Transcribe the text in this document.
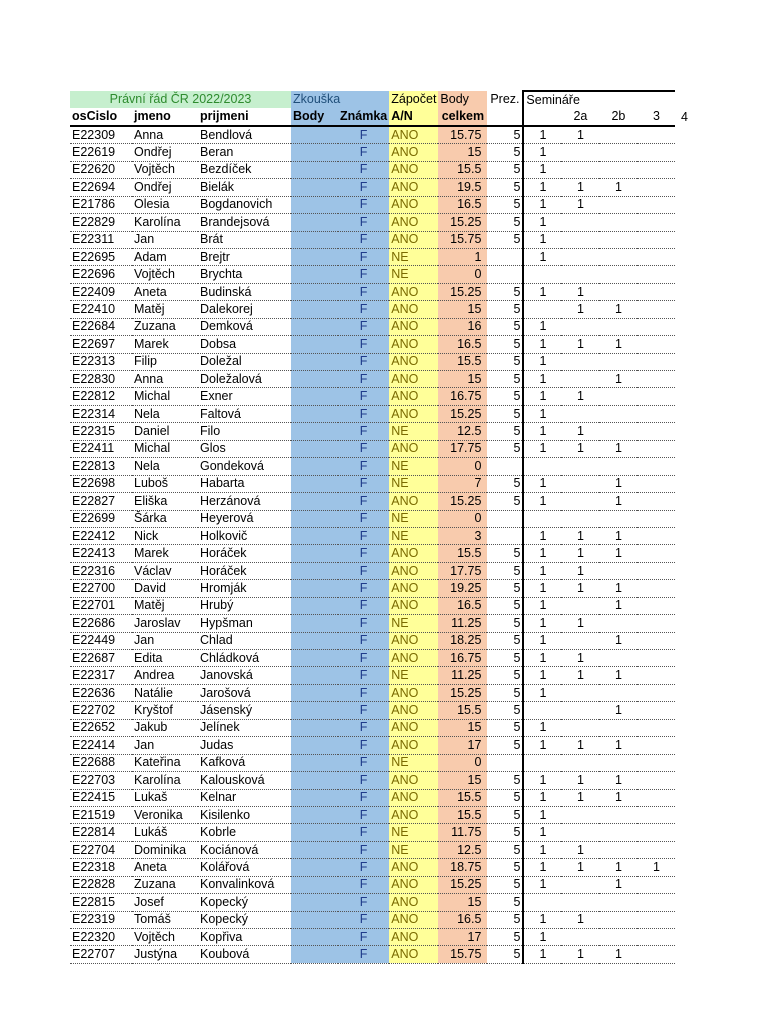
Právní řád ČR 2022/2023			Zkouška		Zápočet	Body	Prez.	Semináře			
osCislo	jmeno	prijmeni	Body	Známka	A/N	celkem			2a	2b	3
E22309	Anna	Bendlová		F	ANO	15.75	5	1	1		
E22619	Ondřej	Beran		F	ANO	15	5	1			
E22620	Vojtěch	Bezdíček		F	ANO	15.5	5	1			
E22694	Ondřej	Bielák		F	ANO	19.5	5	1	1	1	
E21786	Olesia	Bogdanovich		F	ANO	16.5	5	1	1		
E22829	Karolína	Brandejsová		F	ANO	15.25	5	1			
E22311	Jan	Brát		F	ANO	15.75	5	1			
E22695	Adam	Brejtr		F	NE	1		1			
E22696	Vojtěch	Brychta		F	NE	0					
E22409	Aneta	Budinská		F	ANO	15.25	5	1	1		
E22410	Matěj	Dalekorej		F	ANO	15	5		1	1	
E22684	Zuzana	Demková		F	ANO	16	5	1			
E22697	Marek	Dobsa		F	ANO	16.5	5	1	1	1	
E22313	Filip	Doležal		F	ANO	15.5	5	1			
E22830	Anna	Doležalová		F	ANO	15	5	1		1	
E22812	Michal	Exner		F	ANO	16.75	5	1	1		
E22314	Nela	Faltová		F	ANO	15.25	5	1			
E22315	Daniel	Filo		F	NE	12.5	5	1	1		
E22411	Michal	Glos		F	ANO	17.75	5	1	1	1	
E22813	Nela	Gondeková		F	NE	0					
E22698	Luboš	Habarta		F	NE	7	5	1		1	
E22827	Eliška	Herzánová		F	ANO	15.25	5	1		1	
E22699	Šárka	Heyerová		F	NE	0					
E22412	Nick	Holkovič		F	NE	3		1	1	1	
E22413	Marek	Horáček		F	ANO	15.5	5	1	1	1	
E22316	Václav	Horáček		F	ANO	17.75	5	1	1		
E22700	David	Hromják		F	ANO	19.25	5	1	1	1	
E22701	Matěj	Hrubý		F	ANO	16.5	5	1		1	
E22686	Jaroslav	Hypšman		F	NE	11.25	5	1	1		
E22449	Jan	Chlad		F	ANO	18.25	5	1		1	
E22687	Edita	Chládková		F	ANO	16.75	5	1	1		
E22317	Andrea	Janovská		F	NE	11.25	5	1	1	1	
E22636	Natálie	Jarošová		F	ANO	15.25	5	1			
E22702	Kryštof	Jásenský		F	ANO	15.5	5			1	
E22652	Jakub	Jelínek		F	ANO	15	5	1			
E22414	Jan	Judas		F	ANO	17	5	1	1	1	
E22688	Kateřina	Kafková		F	NE	0					
E22703	Karolína	Kalousková		F	ANO	15	5	1	1	1	
E22415	Lukaš	Kelnar		F	ANO	15.5	5	1	1	1	
E21519	Veronika	Kisilenko		F	ANO	15.5	5	1			
E22814	Lukáš	Kobrle		F	NE	11.75	5	1			
E22704	Dominika	Kociánová		F	NE	12.5	5	1	1		
E22318	Aneta	Kolářová		F	ANO	18.75	5	1	1	1	1
E22828	Zuzana	Konvalinková		F	ANO	15.25	5	1		1	
E22815	Josef	Kopecký		F	ANO	15	5				
E22319	Tomáš	Kopecký		F	ANO	16.5	5	1	1		
E22320	Vojtěch	Kopřiva		F	ANO	17	5	1			
E22707	Justýna	Koubová		F	ANO	15.75	5	1	1	1	
4
